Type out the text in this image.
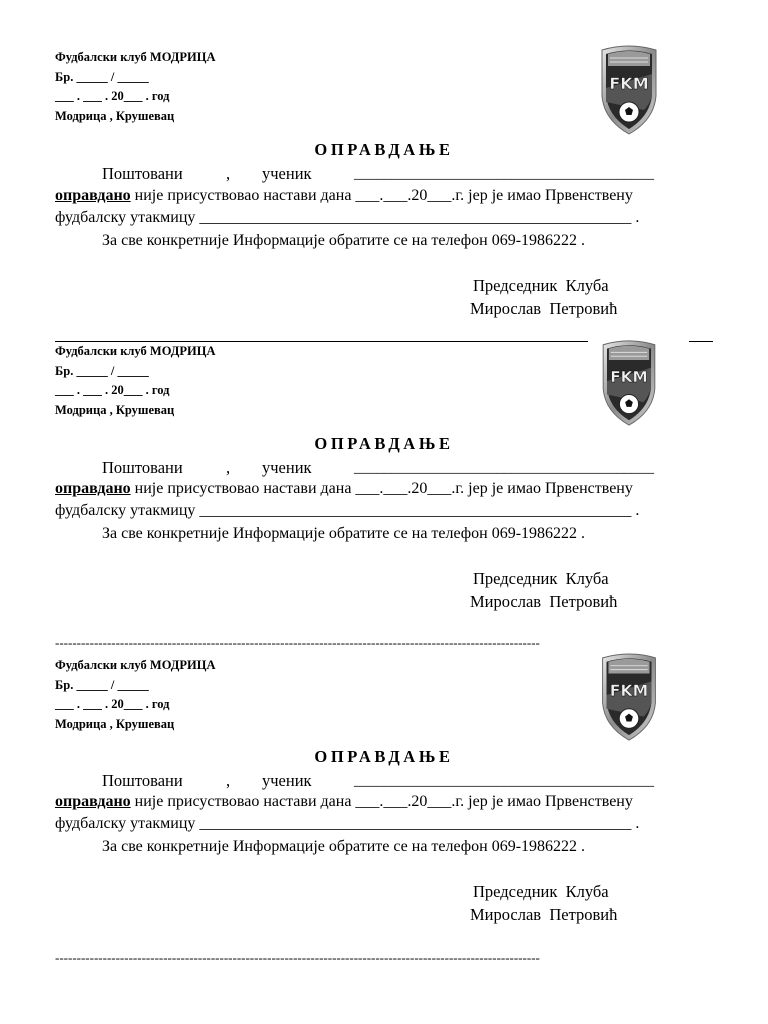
Фудбалски клуб МОДРИЦА
Бр. _____ / _____
___ . ___ . 20___ . год
Модрица , Крушевац
FKM
ОПРАВДАЊЕ
Поштовани	, ученик	________________________________________
оправдано није присуствовао настави дана ___.___.20___.г. јер је имао Првенствену
фудбалску утакмицу ______________________________________________________ .
За све конкретније Информације обратите се на телефон 069-1986222 .
Председник  Клуба
Мирослав  Петровић
Фудбалски клуб МОДРИЦА
Бр. _____ / _____
___ . ___ . 20___ . год
Модрица , Крушевац
FKM
ОПРАВДАЊЕ
Поштовани	, ученик	________________________________________
оправдано није присуствовао настави дана ___.___.20___.г. јер је имао Првенствену
фудбалску утакмицу ______________________________________________________ .
За све конкретније Информације обратите се на телефон 069-1986222 .
Председник  Клуба
Мирослав  Петровић
----------------------------------------------------------------------------------------------------------------
Фудбалски клуб МОДРИЦА
Бр. _____ / _____
___ . ___ . 20___ . год
Модрица , Крушевац
FKM
ОПРАВДАЊЕ
Поштовани	, ученик	________________________________________
оправдано није присуствовао настави дана ___.___.20___.г. јер је имао Првенствену
фудбалску утакмицу ______________________________________________________ .
За све конкретније Информације обратите се на телефон 069-1986222 .
Председник  Клуба
Мирослав  Петровић
----------------------------------------------------------------------------------------------------------------
